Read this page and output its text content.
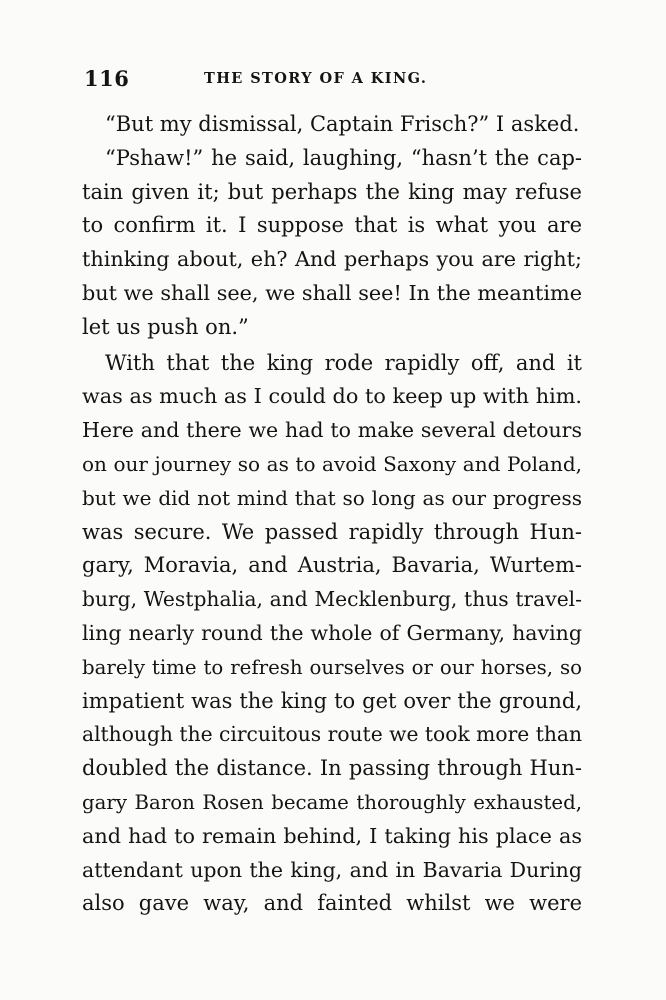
116	THE STORY OF A KING.
“But my dismissal, Captain Frisch?” I asked.
“Pshaw!” he said, laughing, “hasn’t the cap-
tain given it; but perhaps the king may refuse
to confirm it. I suppose that is what you are
thinking about, eh? And perhaps you are right;
but we shall see, we shall see! In the meantime
let us push on.”
With that the king rode rapidly off, and it
was as much as I could do to keep up with him.
Here and there we had to make several detours
on our journey so as to avoid Saxony and Poland,
but we did not mind that so long as our progress
was secure. We passed rapidly through Hun-
gary, Moravia, and Austria, Bavaria, Wurtem-
burg, Westphalia, and Mecklenburg, thus travel-
ling nearly round the whole of Germany, having
barely time to refresh ourselves or our horses, so
impatient was the king to get over the ground,
although the circuitous route we took more than
doubled the distance. In passing through Hun-
gary Baron Rosen became thoroughly exhausted,
and had to remain behind, I taking his place as
attendant upon the king, and in Bavaria During
also gave way, and fainted whilst we were
